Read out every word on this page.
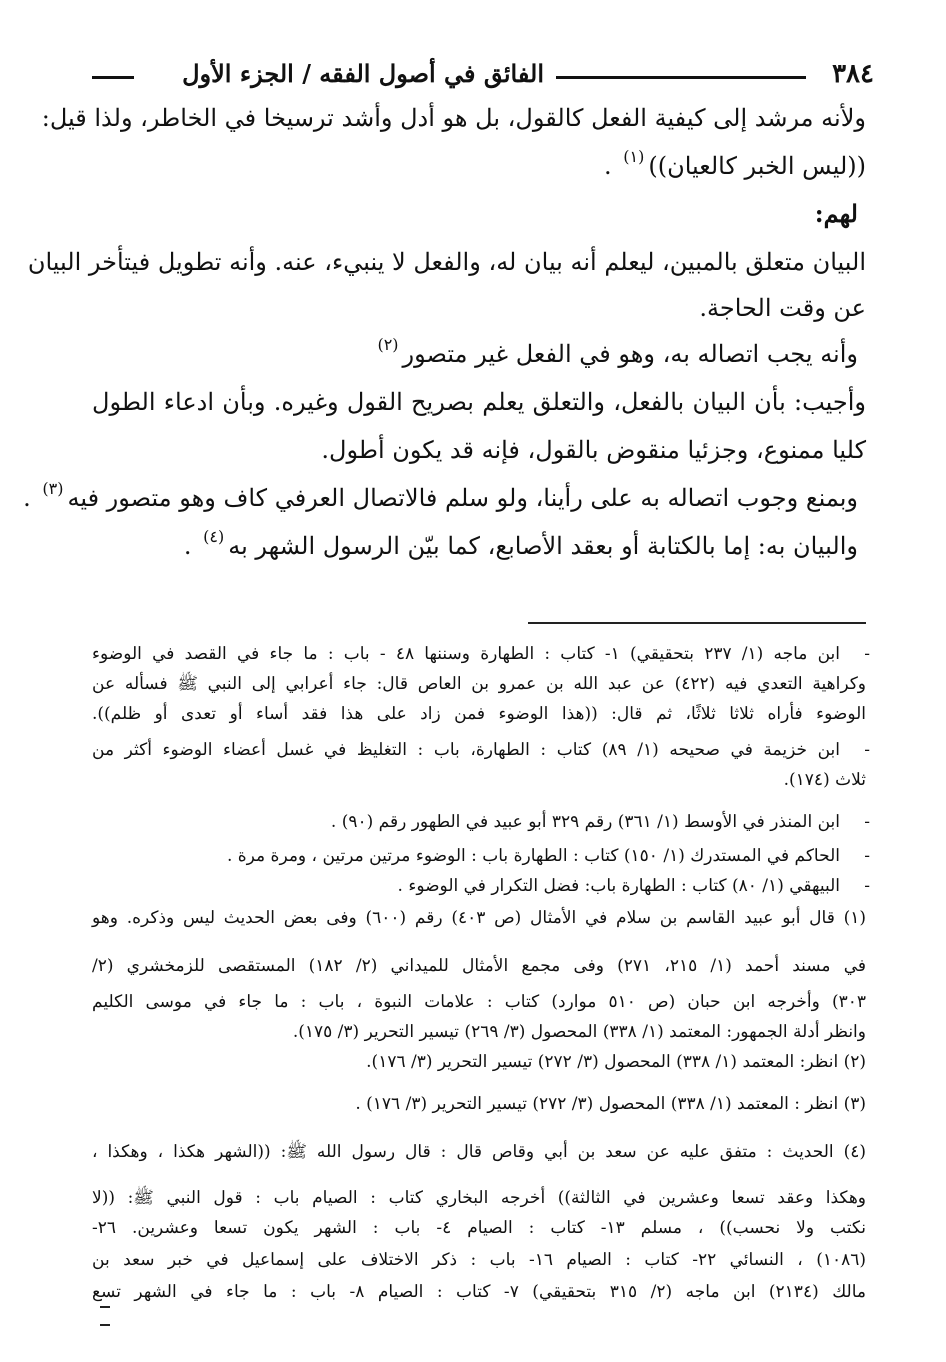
٣٨٤
الفائق في أصول الفقه / الجزء الأول
ولأنه مرشد إلى كيفية الفعل كالقول، بل هو أدل وأشد ترسيخا في الخاطر، ولذا قيل:
((ليس الخبر كالعيان))$^{(١)}$ .
لهم:
البيان متعلق بالمبين، ليعلم أنه بيان له، والفعل لا ينبيء، عنه. وأنه تطويل فيتأخر البيان
عن وقت الحاجة.
وأنه يجب اتصاله به، وهو في الفعل غير متصور$^{(٢)}$
وأجيب: بأن البيان بالفعل، والتعلق يعلم بصريح القول وغيره. وبأن ادعاء الطول
كليا ممنوع، وجزئيا منقوض بالقول، فإنه قد يكون أطول.
وبمنع وجوب اتصاله به على رأينا، ولو سلم فالاتصال العرفي كاف وهو متصور فيه$^{(٣)}$ .
والبيان به: إما بالكتابة أو بعقد الأصابع، كما بيّن الرسول الشهر به$^{(٤)}$ .
-
ابن ماجه (١/ ٢٣٧ بتحقيقي) ١- كتاب : الطهارة وسننها ٤٨ - باب : ما جاء في القصد في الوضوء
وكراهية التعدي فيه (٤٢٢) عن عبد الله بن عمرو بن العاص قال: جاء أعرابي إلى النبي ﷺ فسأله عن
الوضوء فأراه ثلاثا ثلاثًا، ثم قال: ((هذا الوضوء فمن زاد على هذا فقد أساء أو تعدى أو ظلم)).
-
ابن خزيمة في صحيحه (١/ ٨٩) كتاب : الطهارة، باب : التغليظ في غسل أعضاء الوضوء أكثر من
ثلاث (١٧٤).
-
ابن المنذر في الأوسط (١/ ٣٦١) رقم ٣٢٩ أبو عبيد في الطهور رقم (٩٠) .
-
الحاكم في المستدرك (١/ ١٥٠) كتاب : الطهارة باب : الوضوء مرتين مرتين ، ومرة مرة .
-
البيهقي (١/ ٨٠) كتاب : الطهارة باب: فضل التكرار في الوضوء .
(١) قال أبو عبيد القاسم بن سلام في الأمثال (ص ٤٠٣) رقم (٦٠٠) وفى بعض الحديث ليس وذكره. وهو
في مسند أحمد (١/ ٢١٥، ٢٧١) وفى مجمع الأمثال للميداني (٢/ ١٨٢) المستقصى للزمخشري (٢/
٣٠٣) وأخرجه ابن حبان (ص ٥١٠ موارد) كتاب : علامات النبوة ، باب : ما جاء في موسى الكليم
وانظر أدلة الجمهور: المعتمد (١/ ٣٣٨) المحصول (٣/ ٢٦٩) تيسير التحرير (٣/ ١٧٥).
(٢) انظر: المعتمد (١/ ٣٣٨) المحصول (٣/ ٢٧٢) تيسير التحرير (٣/ ١٧٦).
(٣) انظر : المعتمد (١/ ٣٣٨) المحصول (٣/ ٢٧٢) تيسير التحرير (٣/ ١٧٦) .
(٤) الحديث : متفق عليه عن سعد بن أبي وقاص قال : قال رسول الله ﷺ: ((الشهر هكذا ، وهكذا ،
وهكذا وعقد تسعا وعشرين في الثالثة)) أخرجه البخاري كتاب : الصيام باب : قول النبي ﷺ: ((لا
نكتب ولا نحسب)) ، مسلم ١٣- كتاب : الصيام ٤- باب : الشهر يكون تسعا وعشرين. ٢٦-
(١٠٨٦) ، النسائي ٢٢- كتاب : الصيام ١٦- باب : ذكر الاختلاف على إسماعيل في خبر سعد بن
مالك (٢١٣٤) ابن ماجه (٢/ ٣١٥ بتحقيقي) ٧- كتاب : الصيام ٨- باب : ما جاء في الشهر تسع
